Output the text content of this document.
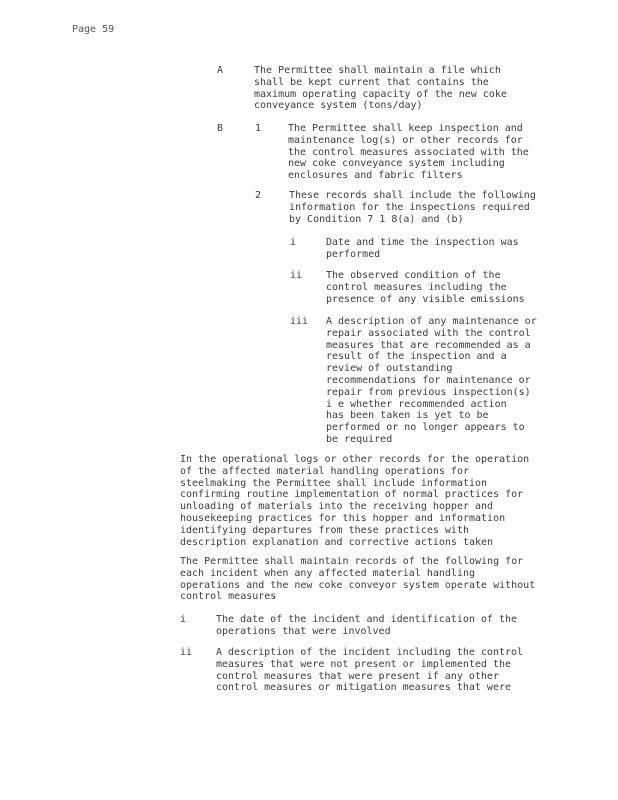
Page 59
A	The Permittee shall maintain a file which
shall be kept current that contains the
maximum operating capacity of the new coke
conveyance system (tons/day)
B	1	The Permittee shall keep inspection and
maintenance log(s) or other records for
the control measures associated with the
new coke conveyance system including
enclosures and fabric filters
2	These records shall include the following
information for the inspections required
by Condition 7 1 8(a) and (b)
i	Date and time the inspection was
performed
ii	The observed condition of the
control measures including the
presence of any visible emissions
iii	A description of any maintenance or
repair associated with the control
measures that are recommended as a
result of the inspection and a
review of outstanding
recommendations for maintenance or
repair from previous inspection(s)
i e whether recommended action
has been taken is yet to be
performed or no longer appears to
be required
In the operational logs or other records for the operation
of the affected material handling operations for
steelmaking the Permittee shall include information
confirming routine implementation of normal practices for
unloading of materials into the receiving hopper and
housekeeping practices for this hopper and information
identifying departures from these practices with
description explanation and corrective actions taken
The Permittee shall maintain records of the following for
each incident when any affected material handling
operations and the new coke conveyor system operate without
control measures
i	The date of the incident and identification of the
operations that were involved
ii	A description of the incident including the control
measures that were not present or implemented the
control measures that were present if any other
control measures or mitigation measures that were
